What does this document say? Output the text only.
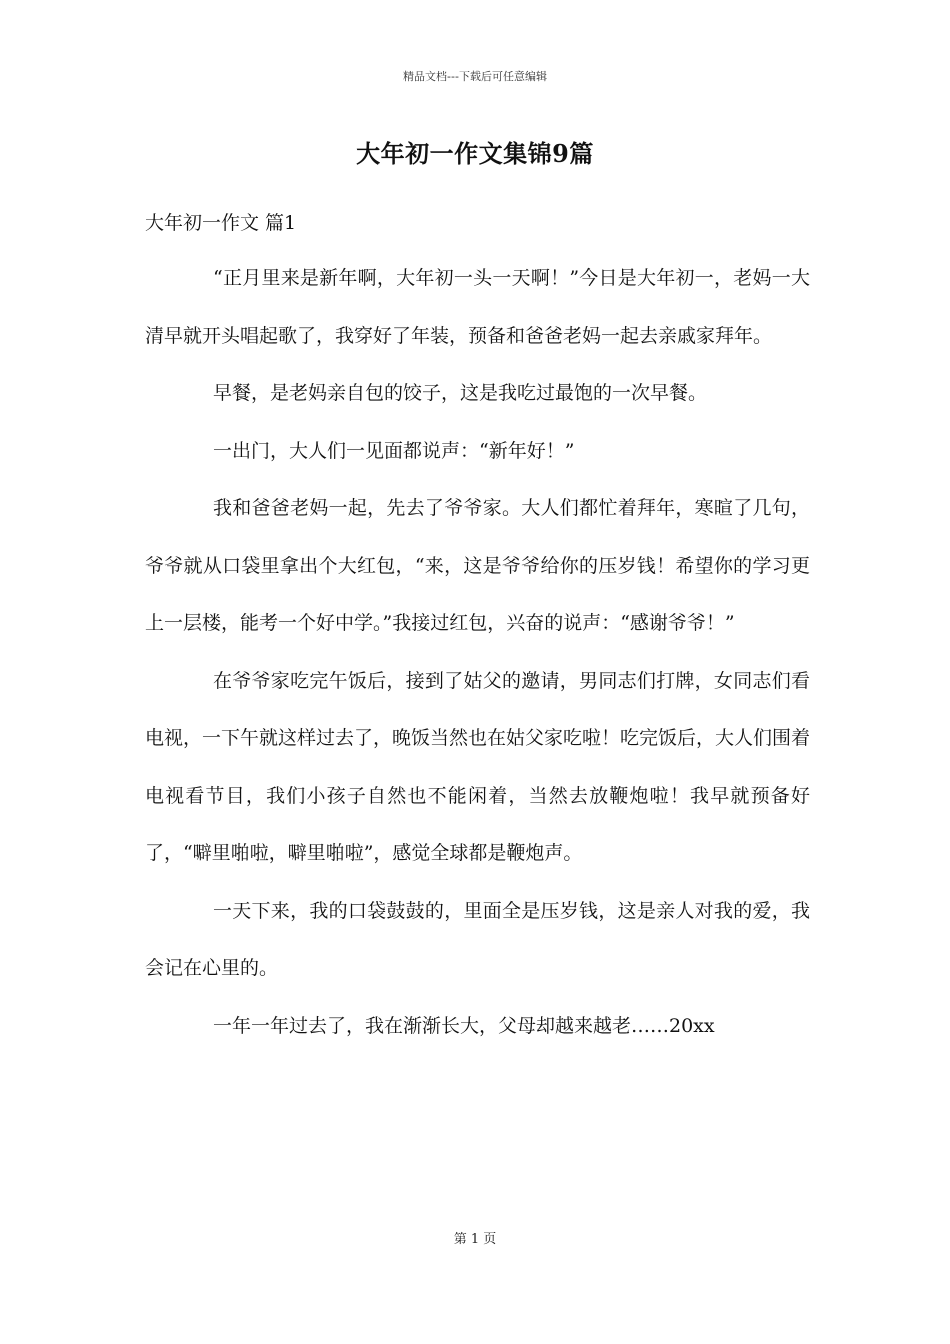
精品文档---下载后可任意编辑
大年初一作文集锦9篇
大年初一作文 篇1

“正月里来是新年啊，大年初一头一天啊！”今日是大年初一，老妈一大清早就开头唱起歌了，我穿好了年装，预备和爸爸老妈一起去亲戚家拜年。

早餐，是老妈亲自包的饺子，这是我吃过最饱的一次早餐。

一出门，大人们一见面都说声：“新年好！”

我和爸爸老妈一起，先去了爷爷家。大人们都忙着拜年，寒暄了几句，爷爷就从口袋里拿出个大红包，“来，这是爷爷给你的压岁钱！希望你的学习更上一层楼，能考一个好中学。”我接过红包，兴奋的说声：“感谢爷爷！”

在爷爷家吃完午饭后，接到了姑父的邀请，男同志们打牌，女同志们看电视，一下午就这样过去了，晚饭当然也在姑父家吃啦！吃完饭后，大人们围着电视看节目，我们小孩子自然也不能闲着，当然去放鞭炮啦！我早就预备好了，“噼里啪啦，噼里啪啦”，感觉全球都是鞭炮声。

一天下来，我的口袋鼓鼓的，里面全是压岁钱，这是亲人对我的爱，我会记在心里的。

一年一年过去了，我在渐渐长大，父母却越来越老……20xx

第 1 页
